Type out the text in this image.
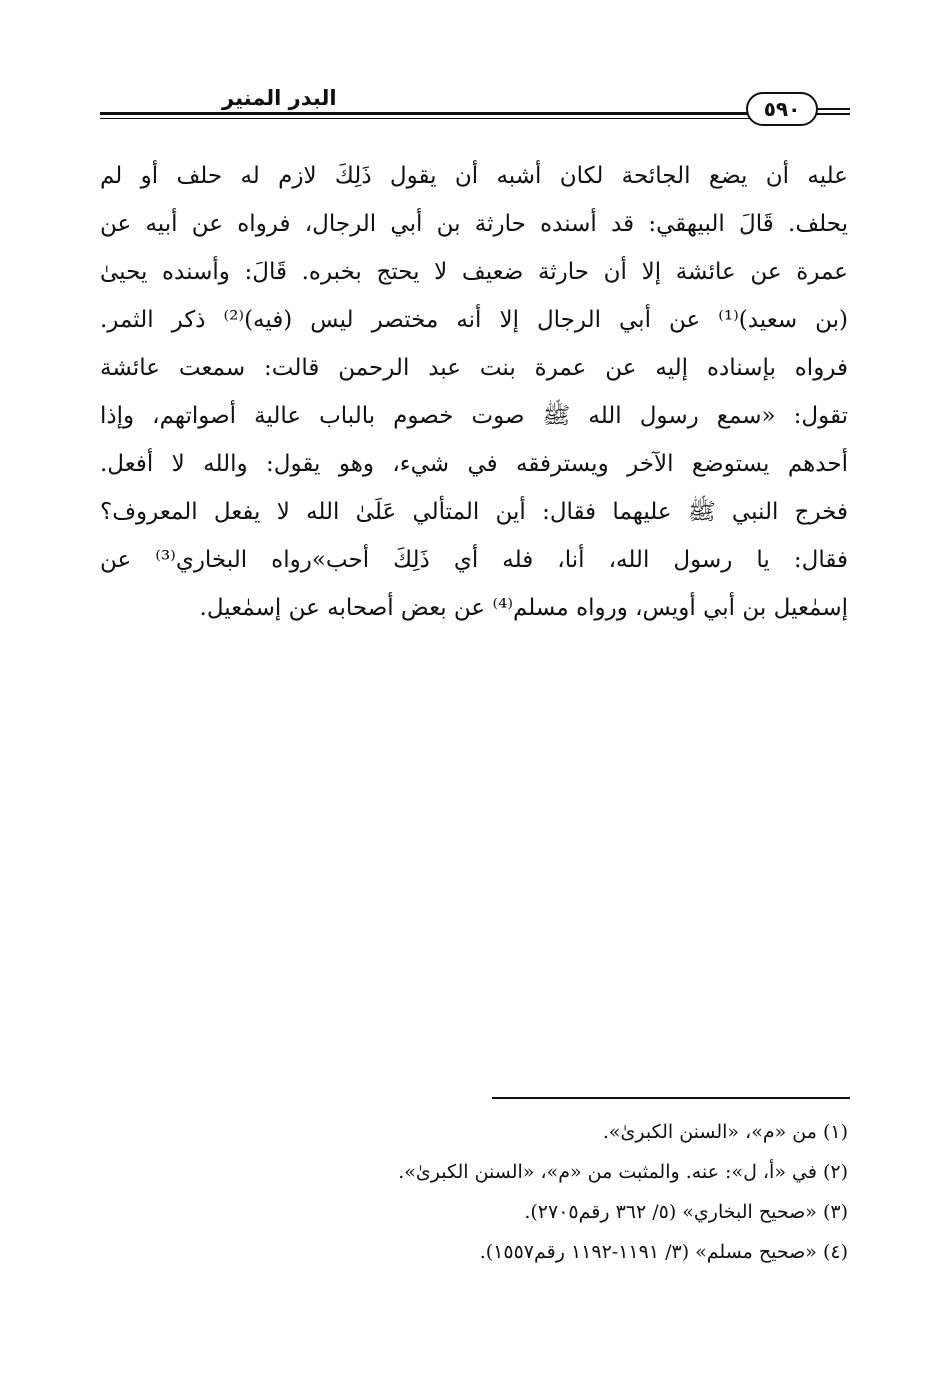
البدر المنير	٥٩٠
عليه أن يضع الجائحة لكان أشبه أن يقول ذَلِكَ لازم له حلف أو لم
يحلف. قَالَ البيهقي: قد أسنده حارثة بن أبي الرجال، فرواه عن أبيه عن
عمرة عن عائشة إلا أن حارثة ضعيف لا يحتج بخبره. قَالَ: وأسنده يحيىٰ
(بن سعيد)⁽¹⁾ عن أبي الرجال إلا أنه مختصر ليس (فيه)⁽²⁾ ذكر الثمر.
فرواه بإسناده إليه عن عمرة بنت عبد الرحمن قالت: سمعت عائشة
تقول: «سمع رسول الله ﷺ صوت خصوم بالباب عالية أصواتهم، وإذا
أحدهم يستوضع الآخر ويسترفقه في شيء، وهو يقول: والله لا أفعل.
فخرج النبي ﷺ عليهما فقال: أين المتألي عَلَىٰ الله لا يفعل المعروف؟
فقال: يا رسول الله، أنا، فله أي ذَلِكَ أحب»رواه البخاري⁽³⁾ عن
إسمٰعيل بن أبي أويس، ورواه مسلم⁽⁴⁾ عن بعض أصحابه عن إسمٰعيل.
(١) من «م»، «السنن الكبرىٰ».
(٢) في «أ، ل»: عنه. والمثبت من «م»، «السنن الكبرىٰ».
(٣) «صحيح البخاري» (٥/ ٣٦٢ رقم٢٧٠٥).
(٤) «صحيح مسلم» (٣/ ١١٩١-١١٩٢ رقم١٥٥٧).
